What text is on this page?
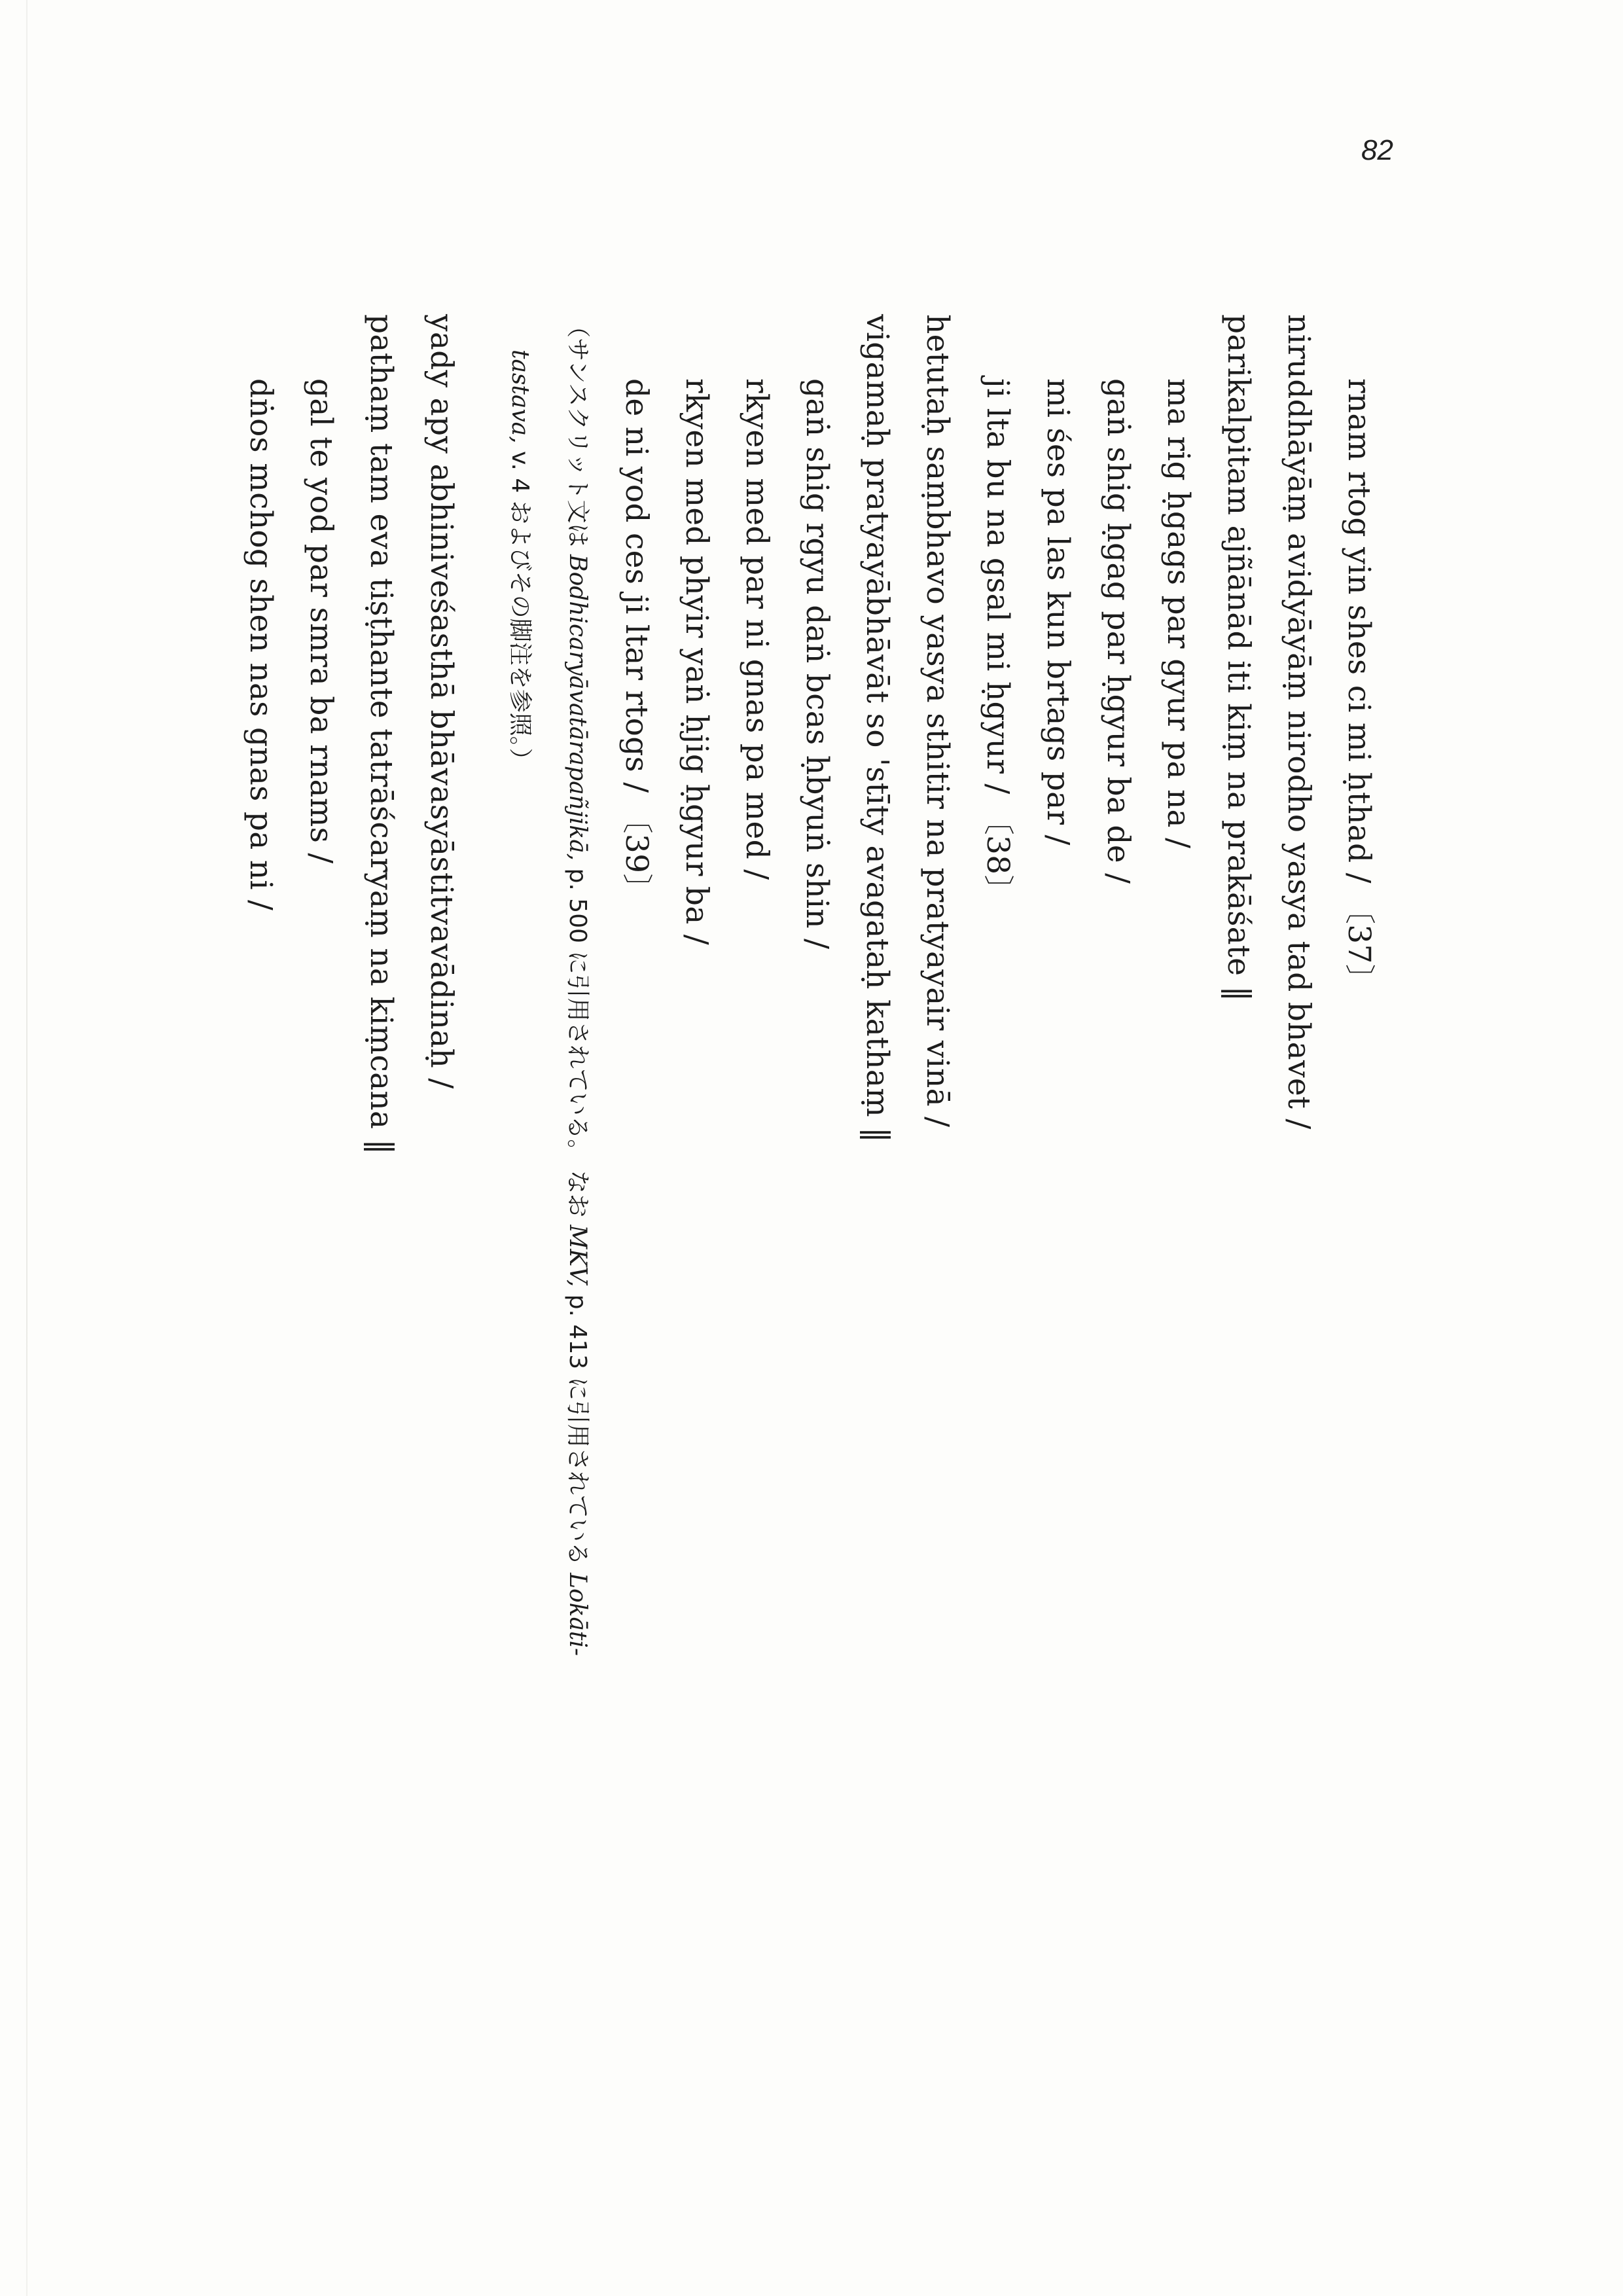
82
rnam rtog yin shes ci mi ḥthad / 〔37〕
niruddhāyāṃ avidyāyāṃ nirodho yasya tad bhavet /
parikalpitam ajñānād iti kiṃ na prakāśate ‖
ma rig ḥgags par gyur pa na /
gaṅ shig ḥgag par ḥgyur ba de /
mi śes pa las kun brtags par /
ji lta bu na gsal mi ḥgyur / 〔38〕
hetutaḥ saṃbhavo yasya sthitir na pratyayair vinā /
vigamaḥ pratyayābhāvāt so 'stīty avagataḥ kathaṃ ‖
gaṅ shig rgyu daṅ bcas ḥbyuṅ shin /
rkyen med par ni gnas pa med /
rkyen med phyir yaṅ ḥjig ḥgyur ba /
de ni yod ces ji ltar rtogs / 〔39〕
（サンスクリット文は Bodhicaryāvatārapañjikā, p. 500 に引用されている。 なお MKV, p. 413 に引用されている Lokāti-
tastava, v. 4 およびその脚注を参照。）
yady apy abhiniveśasthā bhāvasyāstitvavādinaḥ /
pathaṃ tam eva tiṣṭhante tatrāścaryaṃ na kiṃcana ‖
gal te yod par smra ba rnams /
dṅos mchog shen nas gnas pa ni /
